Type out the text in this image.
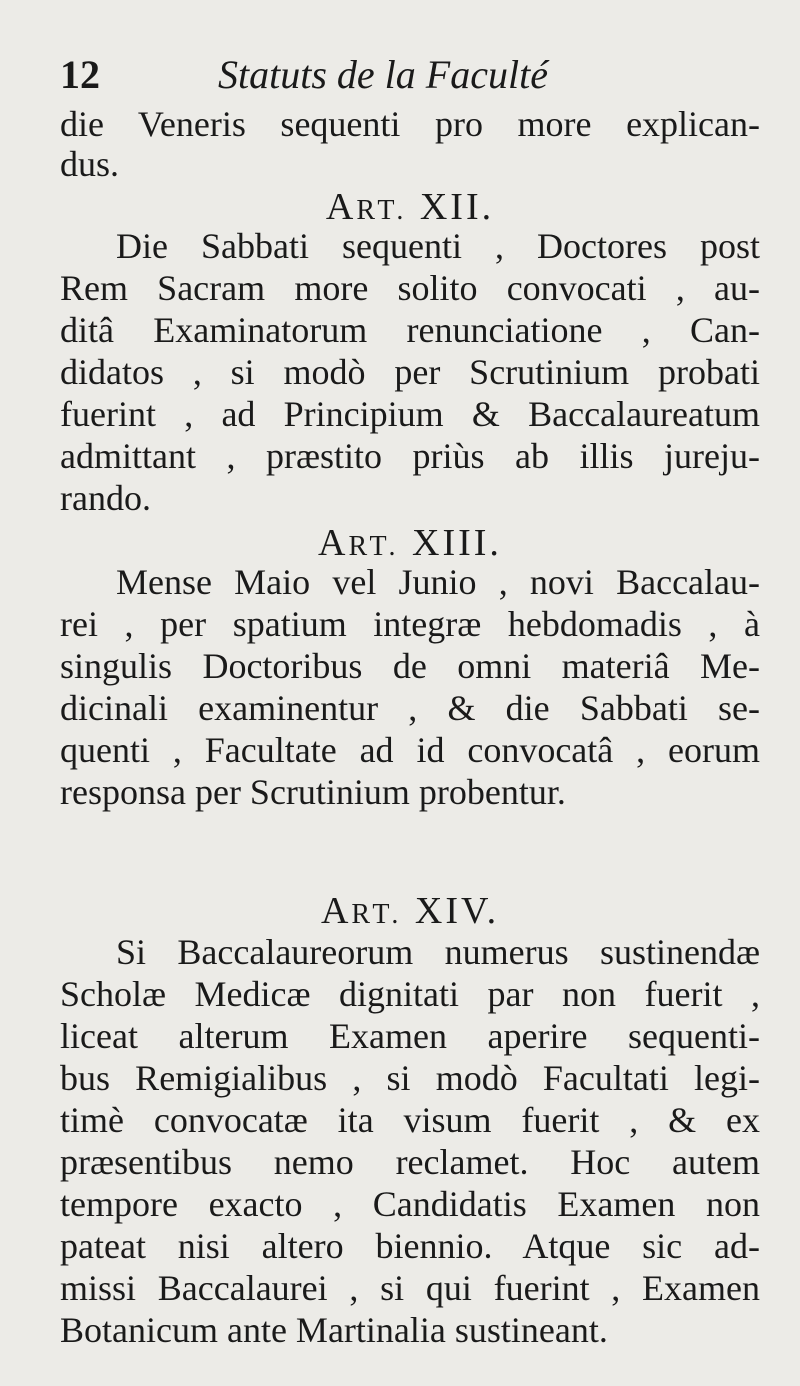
12	Statuts de la Faculté
die Veneris sequenti pro more explican-
dus.
ART. XII.
Die Sabbati sequenti , Doctores post
Rem Sacram more solito convocati , au-
ditâ Examinatorum renunciatione , Can-
didatos , si modò per Scrutinium probati
fuerint , ad Principium & Baccalaureatum
admittant , præstito priùs ab illis jureju-
rando.
ART. XIII.
Mense Maio vel Junio , novi Baccalau-
rei , per spatium integræ hebdomadis , à
singulis Doctoribus de omni materiâ Me-
dicinali examinentur , & die Sabbati se-
quenti , Facultate ad id convocatâ , eorum
responsa per Scrutinium probentur.
ART. XIV.
Si Baccalaureorum numerus sustinendæ
Scholæ Medicæ dignitati par non fuerit ,
liceat alterum Examen aperire sequenti-
bus Remigialibus , si modò Facultati legi-
timè convocatæ ita visum fuerit , & ex
præsentibus nemo reclamet. Hoc autem
tempore exacto , Candidatis Examen non
pateat nisi altero biennio. Atque sic ad-
missi Baccalaurei , si qui fuerint , Examen
Botanicum ante Martinalia sustineant.
